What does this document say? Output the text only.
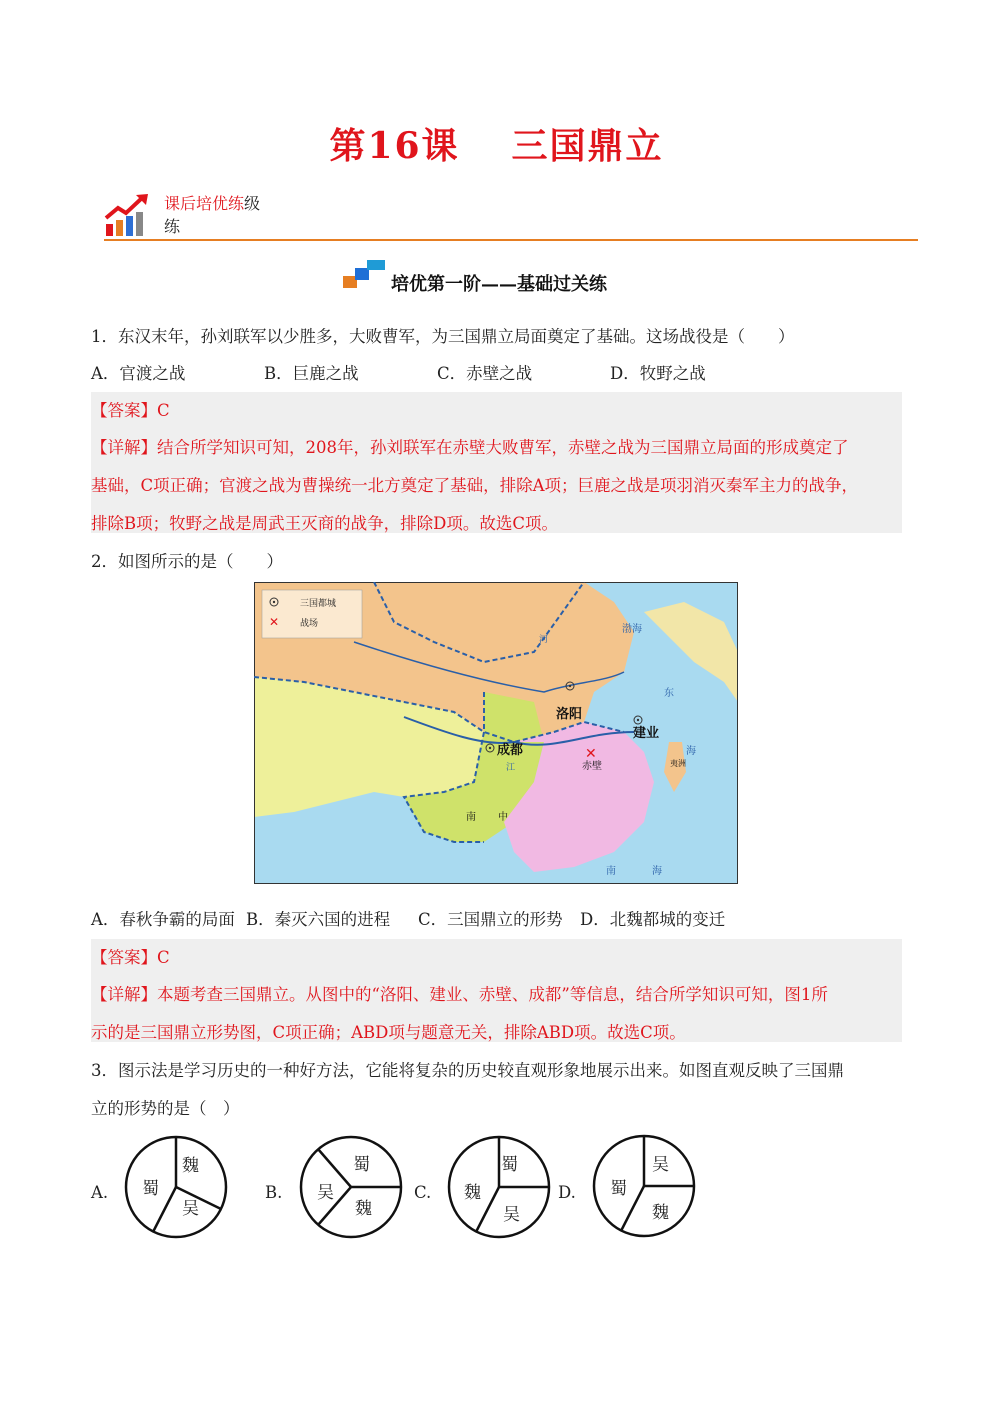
第16课 三国鼎立
课后培优练级
练
培优第一阶——基础过关练
1．东汉末年，孙刘联军以少胜多，大败曹军，为三国鼎立局面奠定了基础。这场战役是（　　）
A．官渡之战	B．巨鹿之战	C．赤壁之战	D．牧野之战
【答案】C
【详解】结合所学知识可知，208年，孙刘联军在赤壁大败曹军，赤壁之战为三国鼎立局面的形成奠定了
基础，C项正确；官渡之战为曹操统一北方奠定了基础，排除A项；巨鹿之战是项羽消灭秦军主力的战争，
排除B项；牧野之战是周武王灭商的战争，排除D项。故选C项。
2．如图所示的是（　　）
三国都城
✕ 战场
洛阳
建业
成都	✕
赤壁
南 中
东
海
南	海
渤海
河
江	夷洲
A．春秋争霸的局面 B．秦灭六国的进程 C．三国鼎立的形势 D．北魏都城的变迁
【答案】C
【详解】本题考查三国鼎立。从图中的“洛阳、建业、赤壁、成都”等信息，结合所学知识可知，图1所
示的是三国鼎立形势图，C项正确；ABD项与题意无关，排除ABD项。故选C项。
3．图示法是学习历史的一种好方法，它能将复杂的历史较直观形象地展示出来。如图直观反映了三国鼎
立的形势的是（　）
A. 蜀
魏
吴
B. 吴
蜀
魏
C. 魏
蜀
吴
D. 蜀
吴
魏
